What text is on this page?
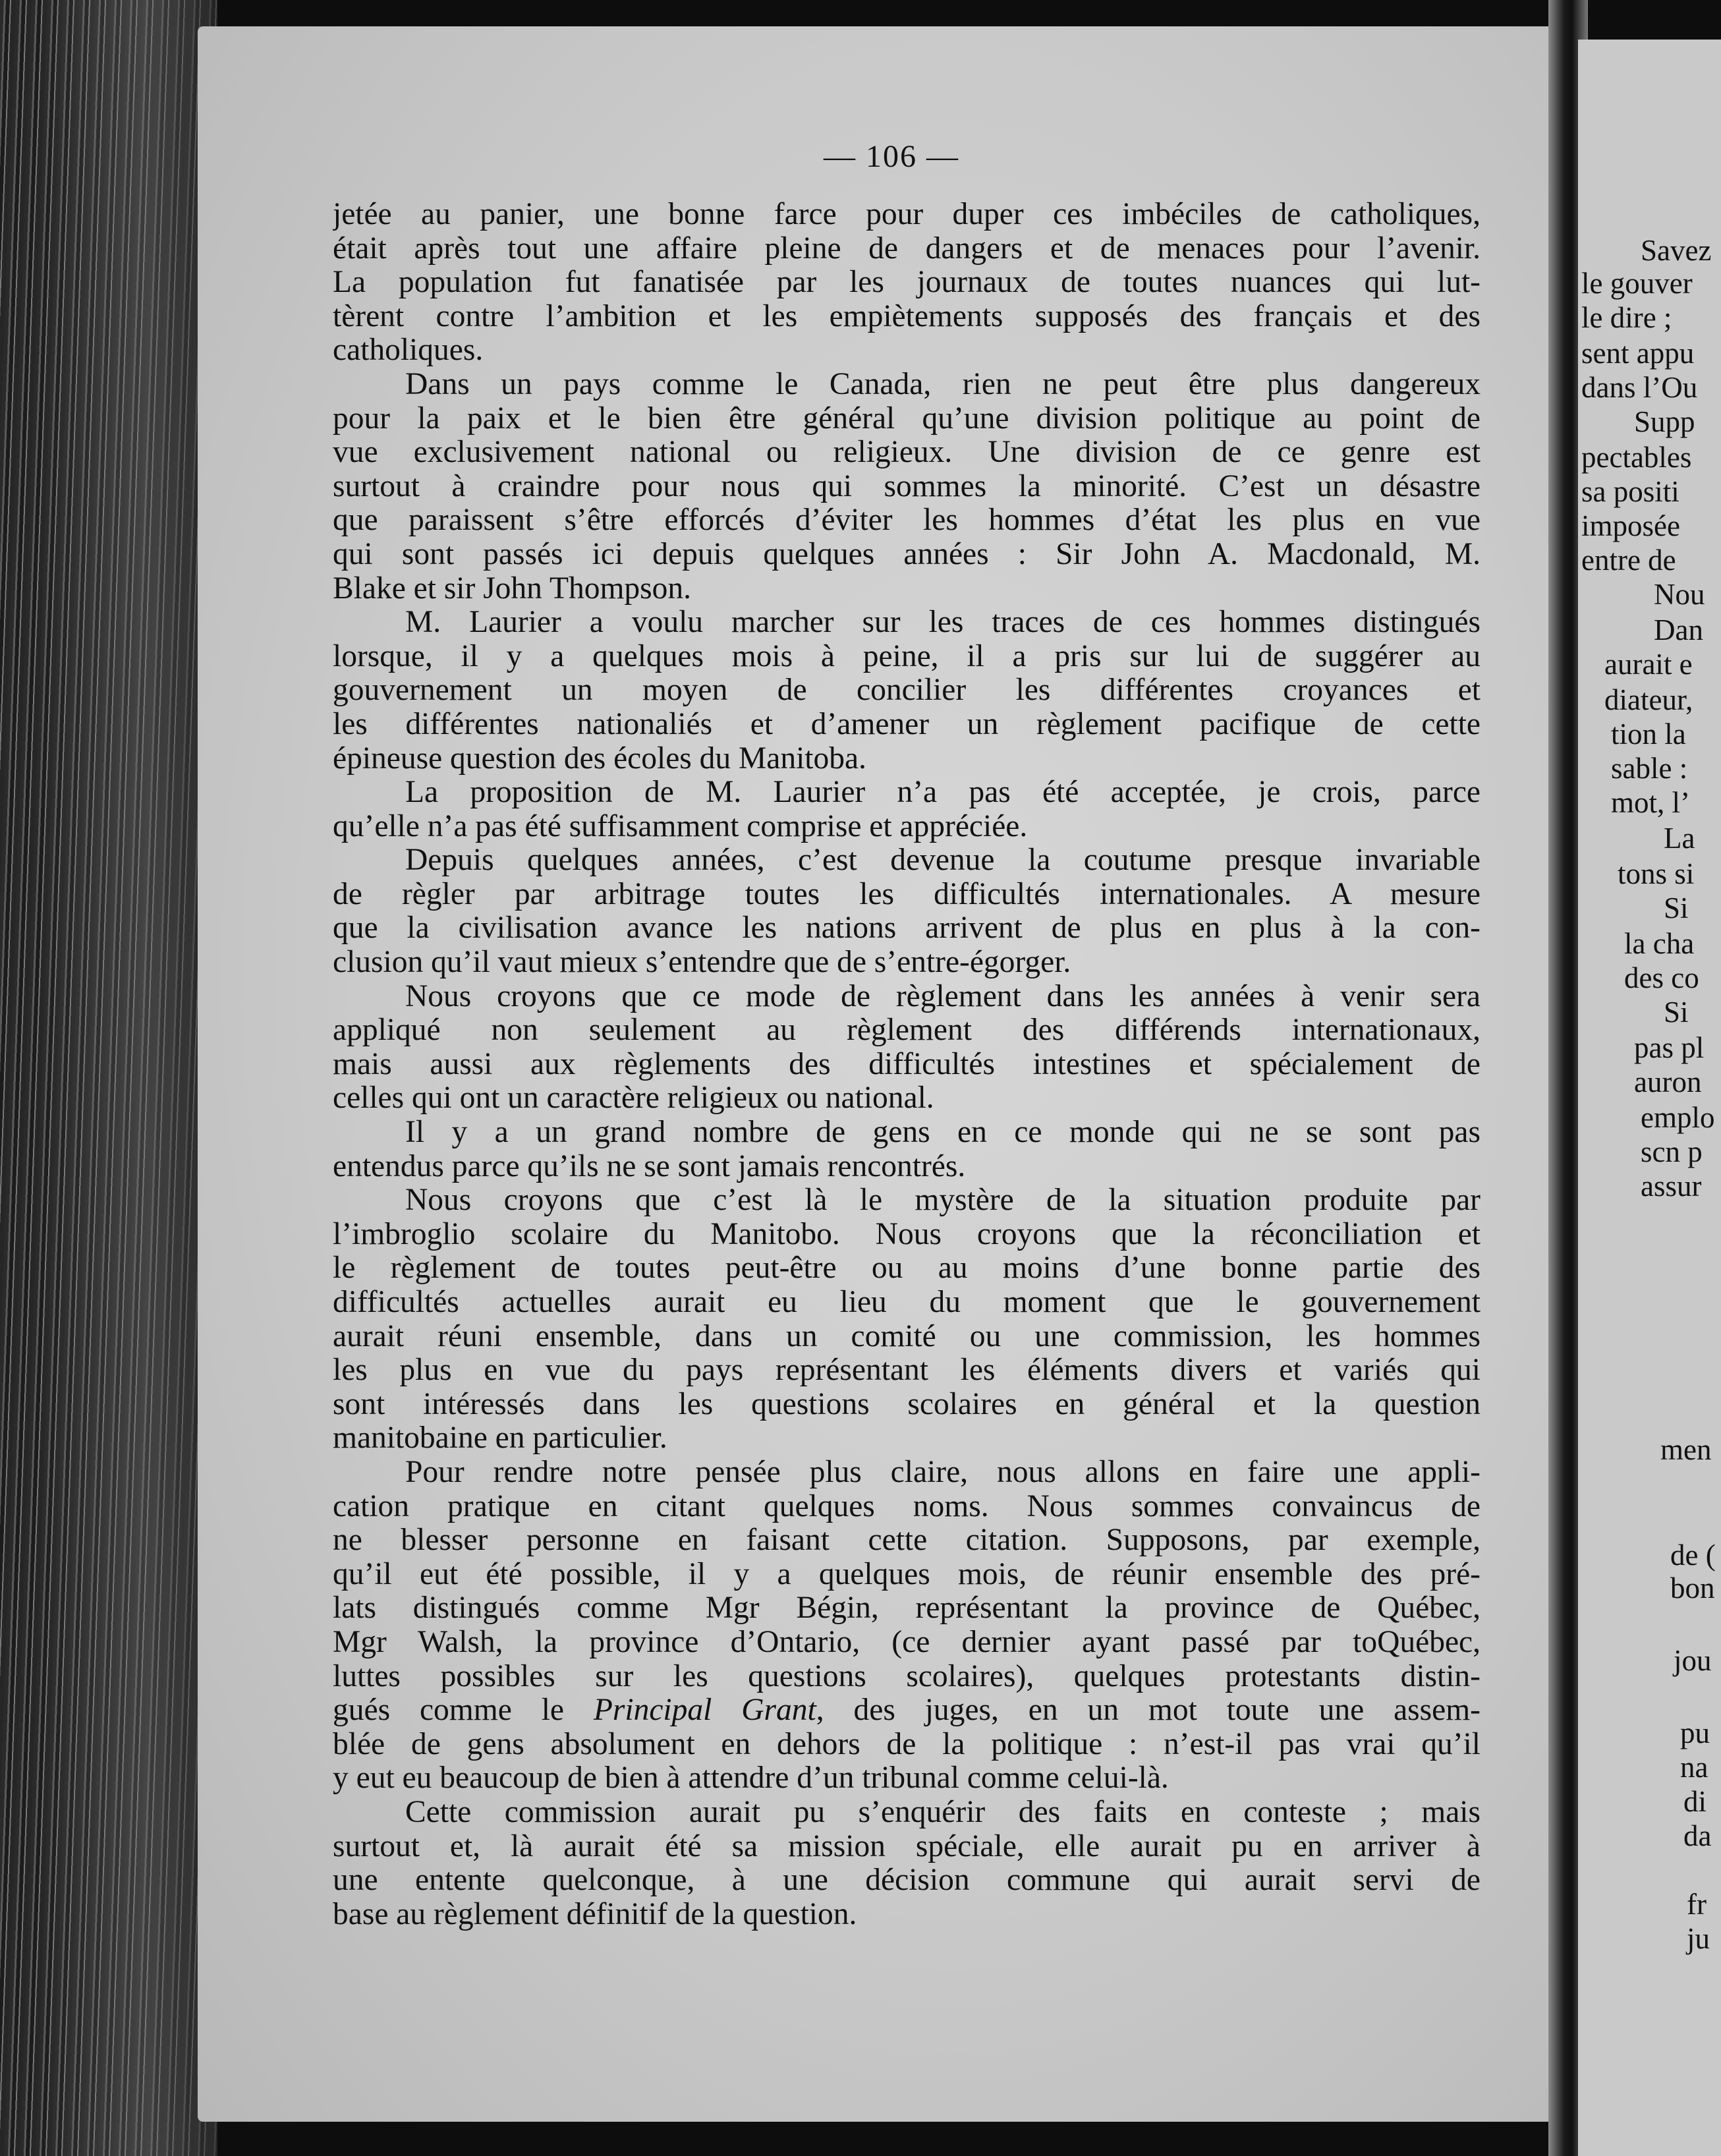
Savez
le gouver
le dire ;
sent appu
dans l’Ou
Supp
pectables
sa positi
imposée
entre de
Nou
Dan
aurait e
diateur,
tion la
sable :
mot, l’
La
tons si
Si
la cha
des co
Si
pas pl
auron
emplo
scn p
assur
men
de (
bon
jou
pu
na
di
da
fr
ju
— 106 —
jetée au panier, une bonne farce pour duper ces imbéciles de catholiques,
était après tout une affaire pleine de dangers et de menaces pour l’avenir.
La population fut fanatisée par les journaux de toutes nuances qui lut-
tèrent contre l’ambition et les empiètements supposés des français et des
catholiques.
Dans un pays comme le Canada, rien ne peut être plus dangereux
pour la paix et le bien être général qu’une division politique au point de
vue exclusivement national ou religieux. Une division de ce genre est
surtout à craindre pour nous qui sommes la minorité. C’est un désastre
que paraissent s’être efforcés d’éviter les hommes d’état les plus en vue
qui sont passés ici depuis quelques années : Sir John A. Macdonald, M.
Blake et sir John Thompson.
M. Laurier a voulu marcher sur les traces de ces hommes distingués
lorsque, il y a quelques mois à peine, il a pris sur lui de suggérer au
gouvernement un moyen de concilier les différentes croyances et
les différentes nationaliés et d’amener un règlement pacifique de cette
épineuse question des écoles du Manitoba.
La proposition de M. Laurier n’a pas été acceptée, je crois, parce
qu’elle n’a pas été suffisamment comprise et appréciée.
Depuis quelques années, c’est devenue la coutume presque invariable
de règler par arbitrage toutes les difficultés internationales. A mesure
que la civilisation avance les nations arrivent de plus en plus à la con-
clusion qu’il vaut mieux s’entendre que de s’entre-égorger.
Nous croyons que ce mode de règlement dans les années à venir sera
appliqué non seulement au règlement des différends internationaux,
mais aussi aux règlements des difficultés intestines et spécialement de
celles qui ont un caractère religieux ou national.
Il y a un grand nombre de gens en ce monde qui ne se sont pas
entendus parce qu’ils ne se sont jamais rencontrés.
Nous croyons que c’est là le mystère de la situation produite par
l’imbroglio scolaire du Manitobo. Nous croyons que la réconciliation et
le règlement de toutes peut-être ou au moins d’une bonne partie des
difficultés actuelles aurait eu lieu du moment que le gouvernement
aurait réuni ensemble, dans un comité ou une commission, les hommes
les plus en vue du pays représentant les éléments divers et variés qui
sont intéressés dans les questions scolaires en général et la question
manitobaine en particulier.
Pour rendre notre pensée plus claire, nous allons en faire une appli-
cation pratique en citant quelques noms. Nous sommes convaincus de
ne blesser personne en faisant cette citation. Supposons, par exemple,
qu’il eut été possible, il y a quelques mois, de réunir ensemble des pré-
lats distingués comme Mgr Bégin, représentant la province de Québec,
Mgr Walsh, la province d’Ontario, (ce dernier ayant passé par toQuébec,
luttes possibles sur les questions scolaires), quelques protestants distin-
gués comme le Principal Grant, des juges, en un mot toute une assem-
blée de gens absolument en dehors de la politique : n’est-il pas vrai qu’il
y eut eu beaucoup de bien à attendre d’un tribunal comme celui-là.
Cette commission aurait pu s’enquérir des faits en conteste ; mais
surtout et, là aurait été sa mission spéciale, elle aurait pu en arriver à
une entente quelconque, à une décision commune qui aurait servi de
base au règlement définitif de la question.
